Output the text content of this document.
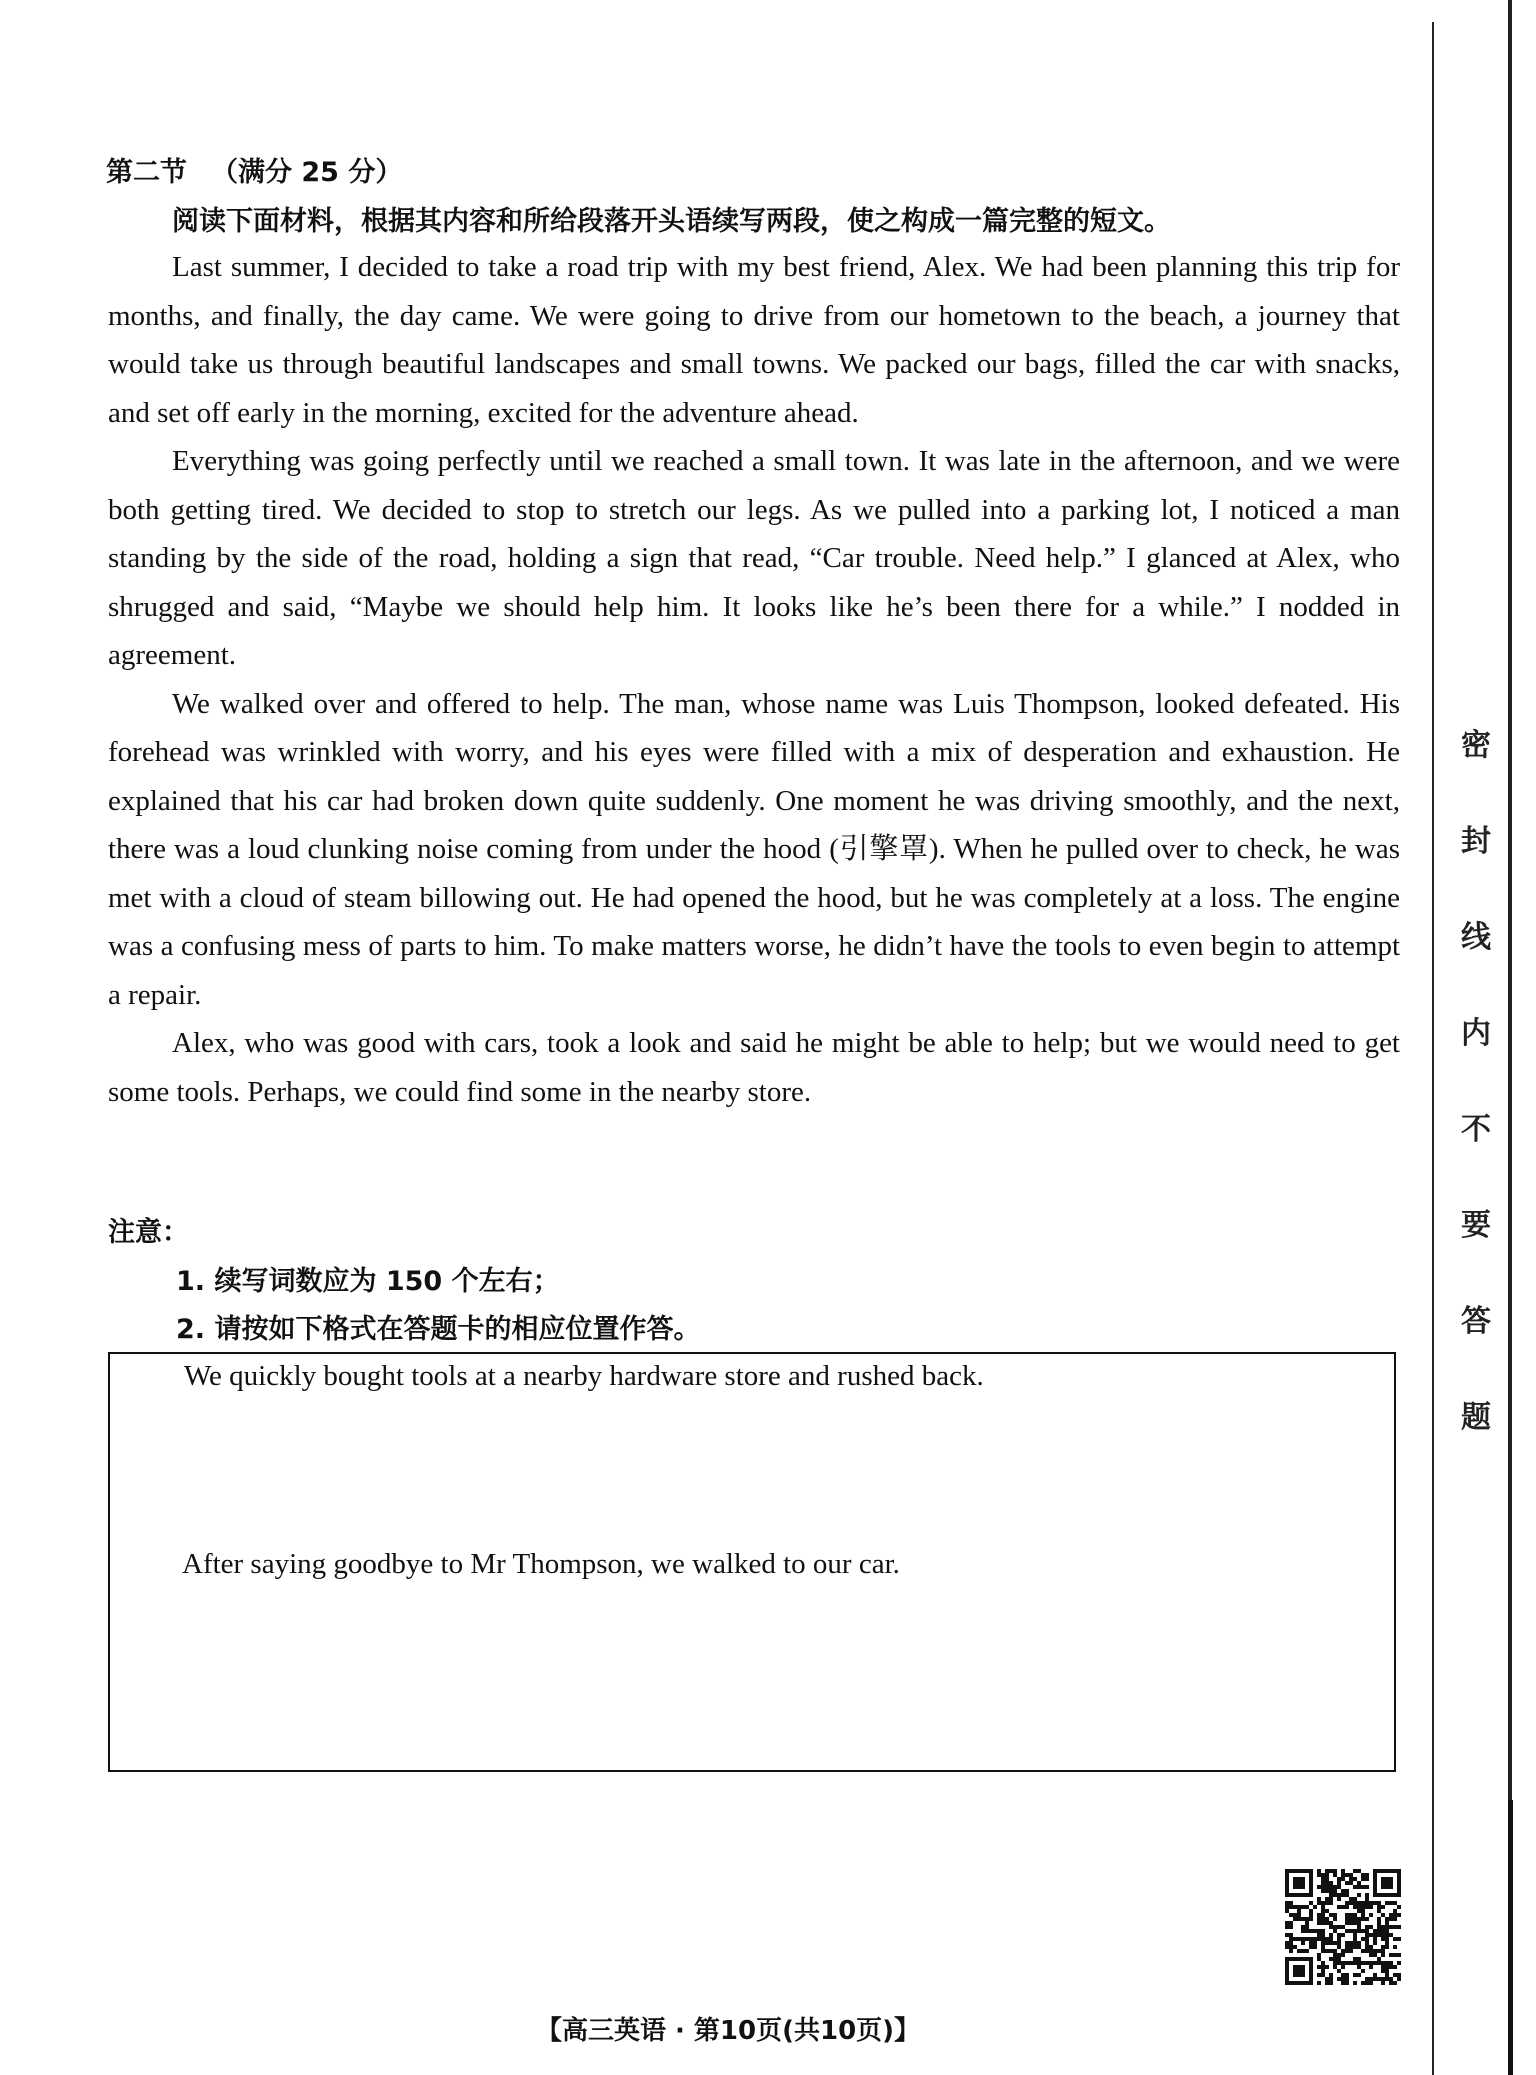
第二节 （满分 25 分）
阅读下面材料，根据其内容和所给段落开头语续写两段，使之构成一篇完整的短文。

Last summer, I decided to take a road trip with my best friend, Alex. We had been planning this trip for months, and finally, the day came. We were going to drive from our hometown to the beach, a journey that would take us through beautiful landscapes and small towns. We packed our bags, filled the car with snacks, and set off early in the morning, excited for the adventure ahead.

Everything was going perfectly until we reached a small town. It was late in the afternoon, and we were both getting tired. We decided to stop to stretch our legs. As we pulled into a parking lot, I noticed a man standing by the side of the road, holding a sign that read, “Car trouble. Need help.” I glanced at Alex, who shrugged and said, “Maybe we should help him. It looks like he’s been there for a while.” I nodded in agreement.

We walked over and offered to help. The man, whose name was Luis Thompson, looked defeated. His forehead was wrinkled with worry, and his eyes were filled with a mix of desperation and exhaustion. He explained that his car had broken down quite suddenly. One moment he was driving smoothly, and the next, there was a loud clunking noise coming from under the hood (引擎罩). When he pulled over to check, he was met with a cloud of steam billowing out. He had opened the hood, but he was completely at a loss. The engine was a confusing mess of parts to him. To make matters worse, he didn’t have the tools to even begin to attempt a repair.

Alex, who was good with cars, took a look and said he might be able to help; but we would need to get some tools. Perhaps, we could find some in the nearby store.

注意：
1. 续写词数应为 150 个左右；
2. 请按如下格式在答题卡的相应位置作答。
We quickly bought tools at a nearby hardware store and rushed back.
After saying goodbye to Mr Thompson, we walked to our car.
密
封
线
内
不
要
答
题
【高三英语 · 第10页(共10页)】
